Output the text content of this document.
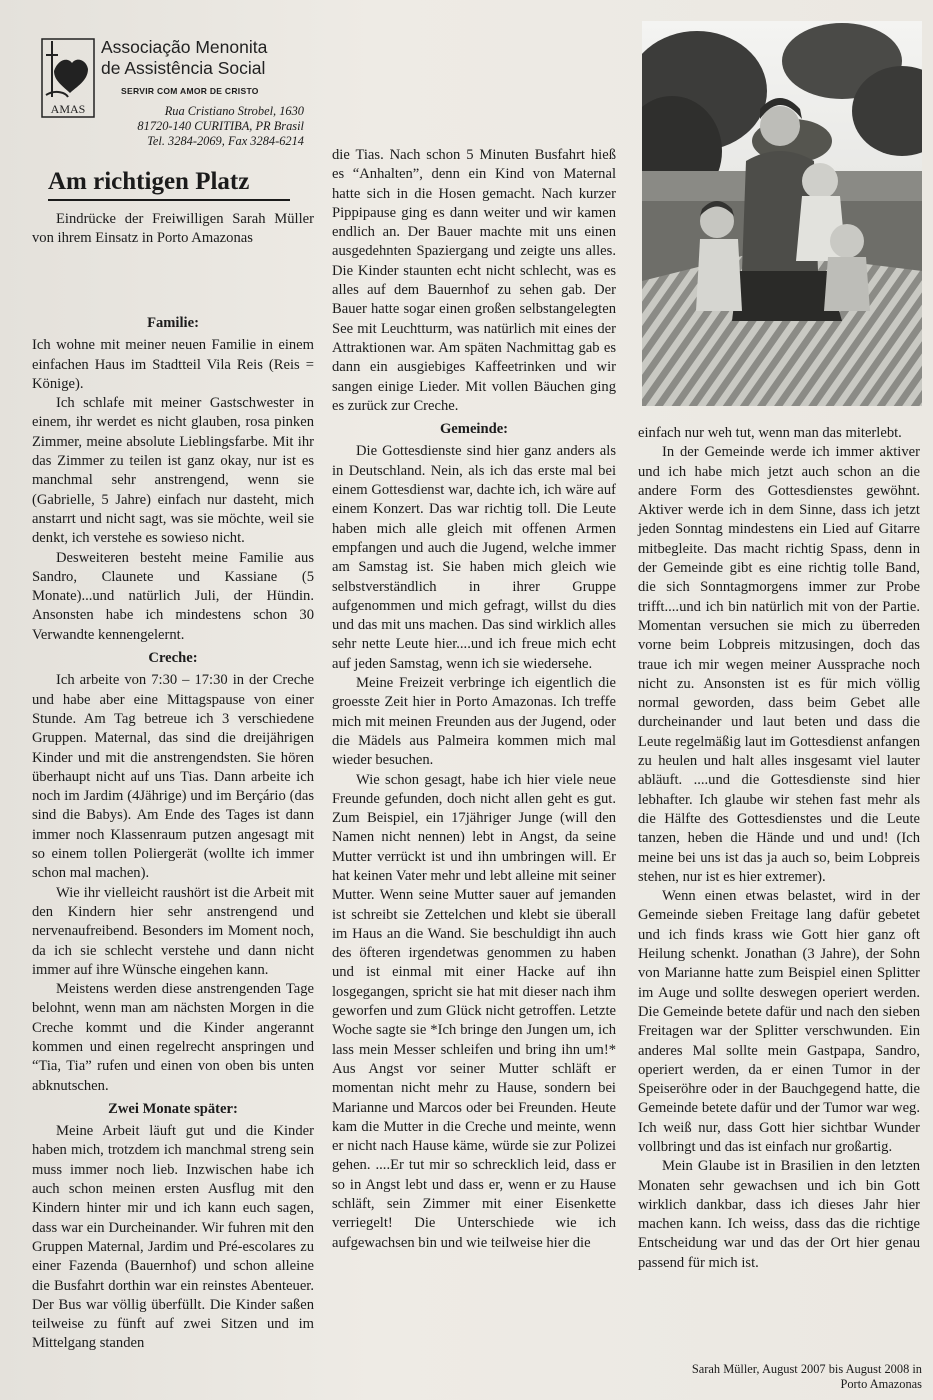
AMAS
Associação Menonita
de Assistência Social
SERVIR COM AMOR DE CRISTO
Rua Cristiano Strobel, 1630
81720-140 CURITIBA, PR Brasil
Tel. 3284-2069, Fax 3284-6214
Am richtigen Platz

Eindrücke der Freiwilligen Sarah Müller von ihrem Einsatz in Porto Amazonas

Familie:

Ich wohne mit meiner neuen Familie in einem einfachen Haus im Stadtteil Vila Reis (Reis = Könige).

Ich schlafe mit meiner Gastschwester in einem, ihr werdet es nicht glauben, rosa pinken Zimmer, meine absolute Lieblingsfarbe. Mit ihr das Zimmer zu teilen ist ganz okay, nur ist es manchmal sehr anstrengend, wenn sie (Gabrielle, 5 Jahre) einfach nur dasteht, mich anstarrt und nicht sagt, was sie möchte, weil sie denkt, ich verstehe es sowieso nicht.

Desweiteren besteht meine Familie aus Sandro, Claunete und Kassiane (5 Monate)...und natürlich Juli, der Hündin. Ansonsten habe ich mindestens schon 30 Verwandte kennengelernt.

Creche:

Ich arbeite von 7:30 – 17:30 in der Creche und habe aber eine Mittagspause von einer Stunde. Am Tag betreue ich 3 verschiedene Gruppen. Maternal, das sind die dreijährigen Kinder und mit die anstrengendsten. Sie hören überhaupt nicht auf uns Tias. Dann arbeite ich noch im Jardim (4Jährige) und im Berçário (das sind die Babys). Am Ende des Tages ist dann immer noch Klassenraum putzen angesagt mit so einem tollen Poliergerät (wollte ich immer schon mal machen).

Wie ihr vielleicht raushört ist die Arbeit mit den Kindern hier sehr anstrengend und nervenaufreibend. Besonders im Moment noch, da ich sie schlecht verstehe und dann nicht immer auf ihre Wünsche eingehen kann.

Meistens werden diese anstrengenden Tage belohnt, wenn man am nächsten Morgen in die Creche kommt und die Kinder angerannt kommen und einen regelrecht anspringen und “Tia, Tia” rufen und einen von oben bis unten abknutschen.

Zwei Monate später:

Meine Arbeit läuft gut und die Kinder haben mich, trotzdem ich manchmal streng sein muss immer noch lieb. Inzwischen habe ich auch schon meinen ersten Ausflug mit den Kindern hinter mir und ich kann euch sagen, dass war ein Durcheinander. Wir fuhren mit den Gruppen Maternal, Jardim und Pré-escolares zu einer Fazenda (Bauernhof) und schon alleine die Busfahrt dorthin war ein reinstes Abenteuer. Der Bus war völlig überfüllt. Die Kinder saßen teilweise zu fünft auf zwei Sitzen und im Mittelgang standen

die Tias. Nach schon 5 Minuten Busfahrt hieß es “Anhalten”, denn ein Kind von Maternal hatte sich in die Hosen gemacht. Nach kurzer Pippipause ging es dann weiter und wir kamen endlich an. Der Bauer machte mit uns einen ausgedehnten Spaziergang und zeigte uns alles. Die Kinder staunten echt nicht schlecht, was es alles auf dem Bauernhof zu sehen gab. Der Bauer hatte sogar einen großen selbstangelegten See mit Leuchtturm, was natürlich mit eines der Attraktionen war. Am späten Nachmittag gab es dann ein ausgiebiges Kaffeetrinken und wir sangen einige Lieder. Mit vollen Bäuchen ging es zurück zur Creche.

Gemeinde:

Die Gottesdienste sind hier ganz anders als in Deutschland. Nein, als ich das erste mal bei einem Gottesdienst war, dachte ich, ich wäre auf einem Konzert. Das war richtig toll. Die Leute haben mich alle gleich mit offenen Armen empfangen und auch die Jugend, welche immer am Samstag ist. Sie haben mich gleich wie selbstverständlich in ihrer Gruppe aufgenommen und mich gefragt, willst du dies und das mit uns machen. Das sind wirklich alles sehr nette Leute hier....und ich freue mich echt auf jeden Samstag, wenn ich sie wiedersehe.

Meine Freizeit verbringe ich eigentlich die groesste Zeit hier in Porto Amazonas. Ich treffe mich mit meinen Freunden aus der Jugend, oder die Mädels aus Palmeira kommen mich mal wieder besuchen.

Wie schon gesagt, habe ich hier viele neue Freunde gefunden, doch nicht allen geht es gut. Zum Beispiel, ein 17jähriger Junge (will den Namen nicht nennen) lebt in Angst, da seine Mutter verrückt ist und ihn umbringen will. Er hat keinen Vater mehr und lebt alleine mit seiner Mutter. Wenn seine Mutter sauer auf jemanden ist schreibt sie Zettelchen und klebt sie überall im Haus an die Wand. Sie beschuldigt ihn auch des öfteren irgendetwas genommen zu haben und ist einmal mit einer Hacke auf ihn losgegangen, spricht sie hat mit dieser nach ihm geworfen und zum Glück nicht getroffen. Letzte Woche sagte sie *Ich bringe den Jungen um, ich lass mein Messer schleifen und bring ihn um!* Aus Angst vor seiner Mutter schläft er momentan nicht mehr zu Hause, sondern bei Marianne und Marcos oder bei Freunden. Heute kam die Mutter in die Creche und meinte, wenn er nicht nach Hause käme, würde sie zur Polizei gehen. ....Er tut mir so schrecklich leid, dass er so in Angst lebt und dass er, wenn er zu Hause schläft, sein Zimmer mit einer Eisenkette verriegelt! Die Unterschiede wie ich aufgewachsen bin und wie teilweise hier die

einfach nur weh tut, wenn man das miterlebt.

In der Gemeinde werde ich immer aktiver und ich habe mich jetzt auch schon an die andere Form des Gottesdienstes gewöhnt. Aktiver werde ich in dem Sinne, dass ich jetzt jeden Sonntag mindestens ein Lied auf Gitarre mitbegleite. Das macht richtig Spass, denn in der Gemeinde gibt es eine richtig tolle Band, die sich Sonntagmorgens immer zur Probe trifft....und ich bin natürlich mit von der Partie. Momentan versuchen sie mich zu überreden vorne beim Lobpreis mitzusingen, doch das traue ich mir wegen meiner Aussprache noch nicht zu. Ansonsten ist es für mich völlig normal geworden, dass beim Gebet alle durcheinander und laut beten und dass die Leute regelmäßig laut im Gottesdienst anfangen zu heulen und halt alles insgesamt viel lauter abläuft. ....und die Gottesdienste sind hier lebhafter. Ich glaube wir stehen fast mehr als die Hälfte des Gottesdienstes und die Leute tanzen, heben die Hände und und und! (Ich meine bei uns ist das ja auch so, beim Lobpreis stehen, nur ist es hier extremer).

Wenn einen etwas belastet, wird in der Gemeinde sieben Freitage lang dafür gebetet und ich finds krass wie Gott hier ganz oft Heilung schenkt. Jonathan (3 Jahre), der Sohn von Marianne hatte zum Beispiel einen Splitter im Auge und sollte deswegen operiert werden. Die Gemeinde betete dafür und nach den sieben Freitagen war der Splitter verschwunden. Ein anderes Mal sollte mein Gastpapa, Sandro, operiert werden, da er einen Tumor in der Speiseröhre oder in der Bauchgegend hatte, die Gemeinde betete dafür und der Tumor war weg. Ich weiß nur, dass Gott hier sichtbar Wunder vollbringt und das ist einfach nur großartig.

Mein Glaube ist in Brasilien in den letzten Monaten sehr gewachsen und ich bin Gott wirklich dankbar, dass ich dieses Jahr hier machen kann. Ich weiss, dass das die richtige Entscheidung war und das der Ort hier genau passend für mich ist.

Sarah Müller, August 2007 bis August 2008 in
Porto Amazonas
